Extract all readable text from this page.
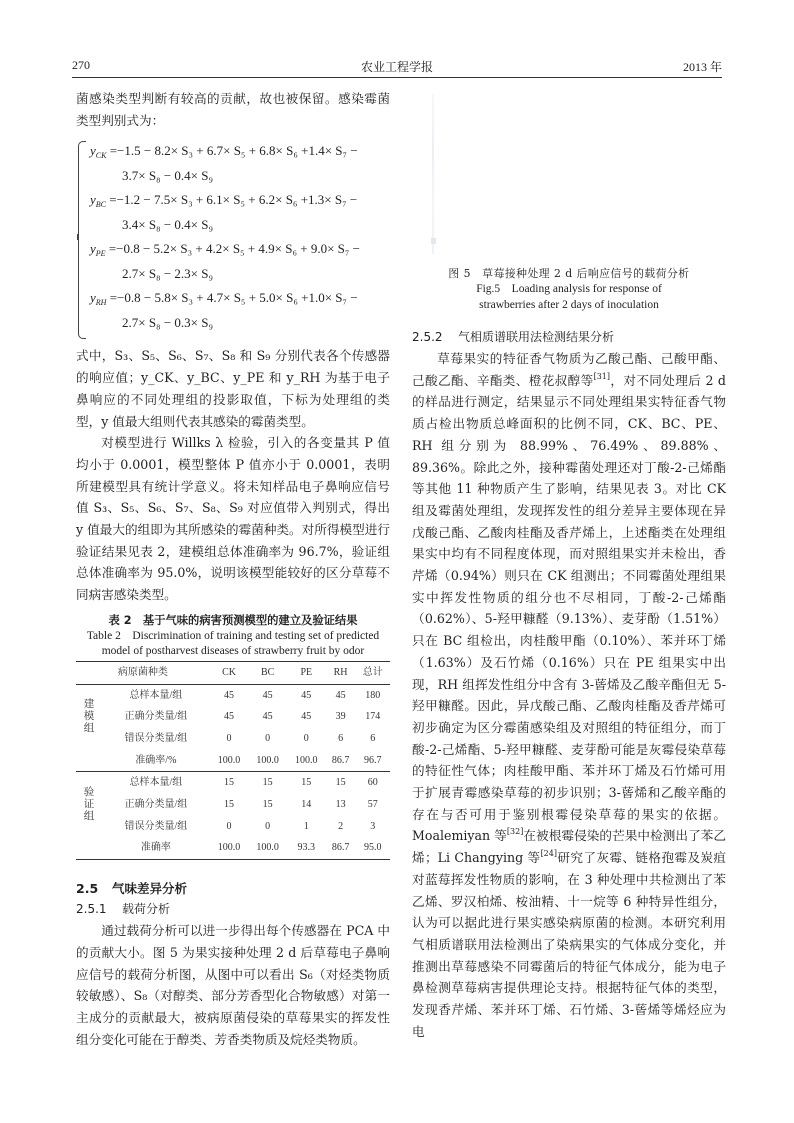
270	农业工程学报	2013 年

菌感染类型判断有较高的贡献，故也被保留。感染霉菌类型判别式为：

$y_{CK} =-1.5 - 8.2\times S_3 + 6.7\times S_5 + 6.8\times S_6 +1.4\times S_7$ −
3.7× S₈ − 0.4× S₉
$y_{BC} =-1.2 - 7.5\times S_3 + 6.1\times S_5 + 6.2\times S_6 +1.3\times S_7$ −
3.4× S₈ − 0.4× S₉
$y_{PE} =-0.8 - 5.2\times S_3 + 4.2\times S_5 + 4.9\times S_6 + 9.0\times S_7$ −
2.7× S₈ − 2.3× S₉
$y_{RH} =-0.8 - 5.8\times S_3 + 4.7\times S_5 + 5.0\times S_6 +1.0\times S_7$ −
2.7× S₈ − 0.3× S₉

式中，S₃、S₅、S₆、S₇、S₈ 和 S₉ 分别代表各个传感器的响应值；y_CK、y_BC、y_PE 和 y_RH 为基于电子鼻响应的不同处理组的投影取值，下标为处理组的类型，y 值最大组则代表其感染的霉菌类型。

对模型进行 Willks λ 检验，引入的各变量其 P 值均小于 0.0001，模型整体 P 值亦小于 0.0001，表明所建模型具有统计学意义。将未知样品电子鼻响应信号值 S₃、S₅、S₆、S₇、S₈、S₉ 对应值带入判别式，得出 y 值最大的组即为其所感染的霉菌种类。对所得模型进行验证结果见表 2，建模组总体准确率为 96.7%，验证组总体准确率为 95.0%，说明该模型能较好的区分草莓不同病害感染类型。

表 2　基于气味的病害预测模型的建立及验证结果
Table 2　Discrimination of training and testing set of predicted
model of postharvest diseases of strawberry fruit by odor
病原菌种类		CK	BC	PE	RH	总计

建
模
组	总样本量/组	45	45	45	45	180
	正确分类量/组	45	45	45	39	174
	错误分类量/组	0	0	0	6	6
	准确率/%	100.0	100.0	100.0	86.7	96.7

验
证
组	总样本量/组	15	15	15	15	60
	正确分类量/组	15	15	14	13	57
	错误分类量/组	0	0	1	2	3
	准确率	100.0	100.0	93.3	86.7	95.0
2.5 气味差异分析
2.5.1 载荷分析

通过载荷分析可以进一步得出每个传感器在 PCA 中的贡献大小。图 5 为果实接种处理 2 d 后草莓电子鼻响应信号的载荷分析图，从图中可以看出 S₆（对烃类物质较敏感）、S₈（对醇类、部分芳香型化合物敏感）对第一主成分的贡献最大，被病原菌侵染的草莓果实的挥发性组分变化可能在于醇类、芳香类物质及烷烃类物质。

图 5　草莓接种处理 2 d 后响应信号的载荷分析
Fig.5　Loading analysis for response of
strawberries after 2 days of inoculation
2.5.2 气相质谱联用法检测结果分析

草莓果实的特征香气物质为乙酸己酯、己酸甲酯、己酸乙酯、辛酯类、橙花叔醇等[31]，对不同处理后 2 d 的样品进行测定，结果显示不同处理组果实特征香气物质占检出物质总峰面积的比例不同，CK、BC、PE、RH 组分别为 88.99%、76.49%、89.88%、89.36%。除此之外，接种霉菌处理还对丁酸-2-己烯酯等其他 11 种物质产生了影响，结果见表 3。对比 CK 组及霉菌处理组，发现挥发性的组分差异主要体现在异戊酸己酯、乙酸肉桂酯及香芹烯上，上述酯类在处理组果实中均有不同程度体现，而对照组果实并未检出，香芹烯（0.94%）则只在 CK 组测出；不同霉菌处理组果实中挥发性物质的组分也不尽相同，丁酸-2-己烯酯（0.62%）、5-羟甲糠醛（9.13%）、麦芽酚（1.51%）只在 BC 组检出，肉桂酸甲酯（0.10%）、苯并环丁烯（1.63%）及石竹烯（0.16%）只在 PE 组果实中出现，RH 组挥发性组分中含有 3-蒈烯及乙酸辛酯但无 5-羟甲糠醛。因此，异戊酸己酯、乙酸肉桂酯及香芹烯可初步确定为区分霉菌感染组及对照组的特征组分，而丁酸-2-己烯酯、5-羟甲糠醛、麦芽酚可能是灰霉侵染草莓的特征性气体；肉桂酸甲酯、苯并环丁烯及石竹烯可用于扩展青霉感染草莓的初步识别；3-蒈烯和乙酸辛酯的存在与否可用于鉴别根霉侵染草莓的果实的依据。Moalemiyan 等[32]在被根霉侵染的芒果中检测出了苯乙烯；Li Changying 等[24]研究了灰霉、链格孢霉及炭疽对蓝莓挥发性物质的影响，在 3 种处理中共检测出了苯乙烯、罗汉柏烯、桉油精、十一烷等 6 种特异性组分，认为可以据此进行果实感染病原菌的检测。本研究利用气相质谱联用法检测出了染病果实的气体成分变化，并推测出草莓感染不同霉菌后的特征气体成分，能为电子鼻检测草莓病害提供理论支持。根据特征气体的类型，发现香芹烯、苯并环丁烯、石竹烯、3-蒈烯等烯烃应为电
